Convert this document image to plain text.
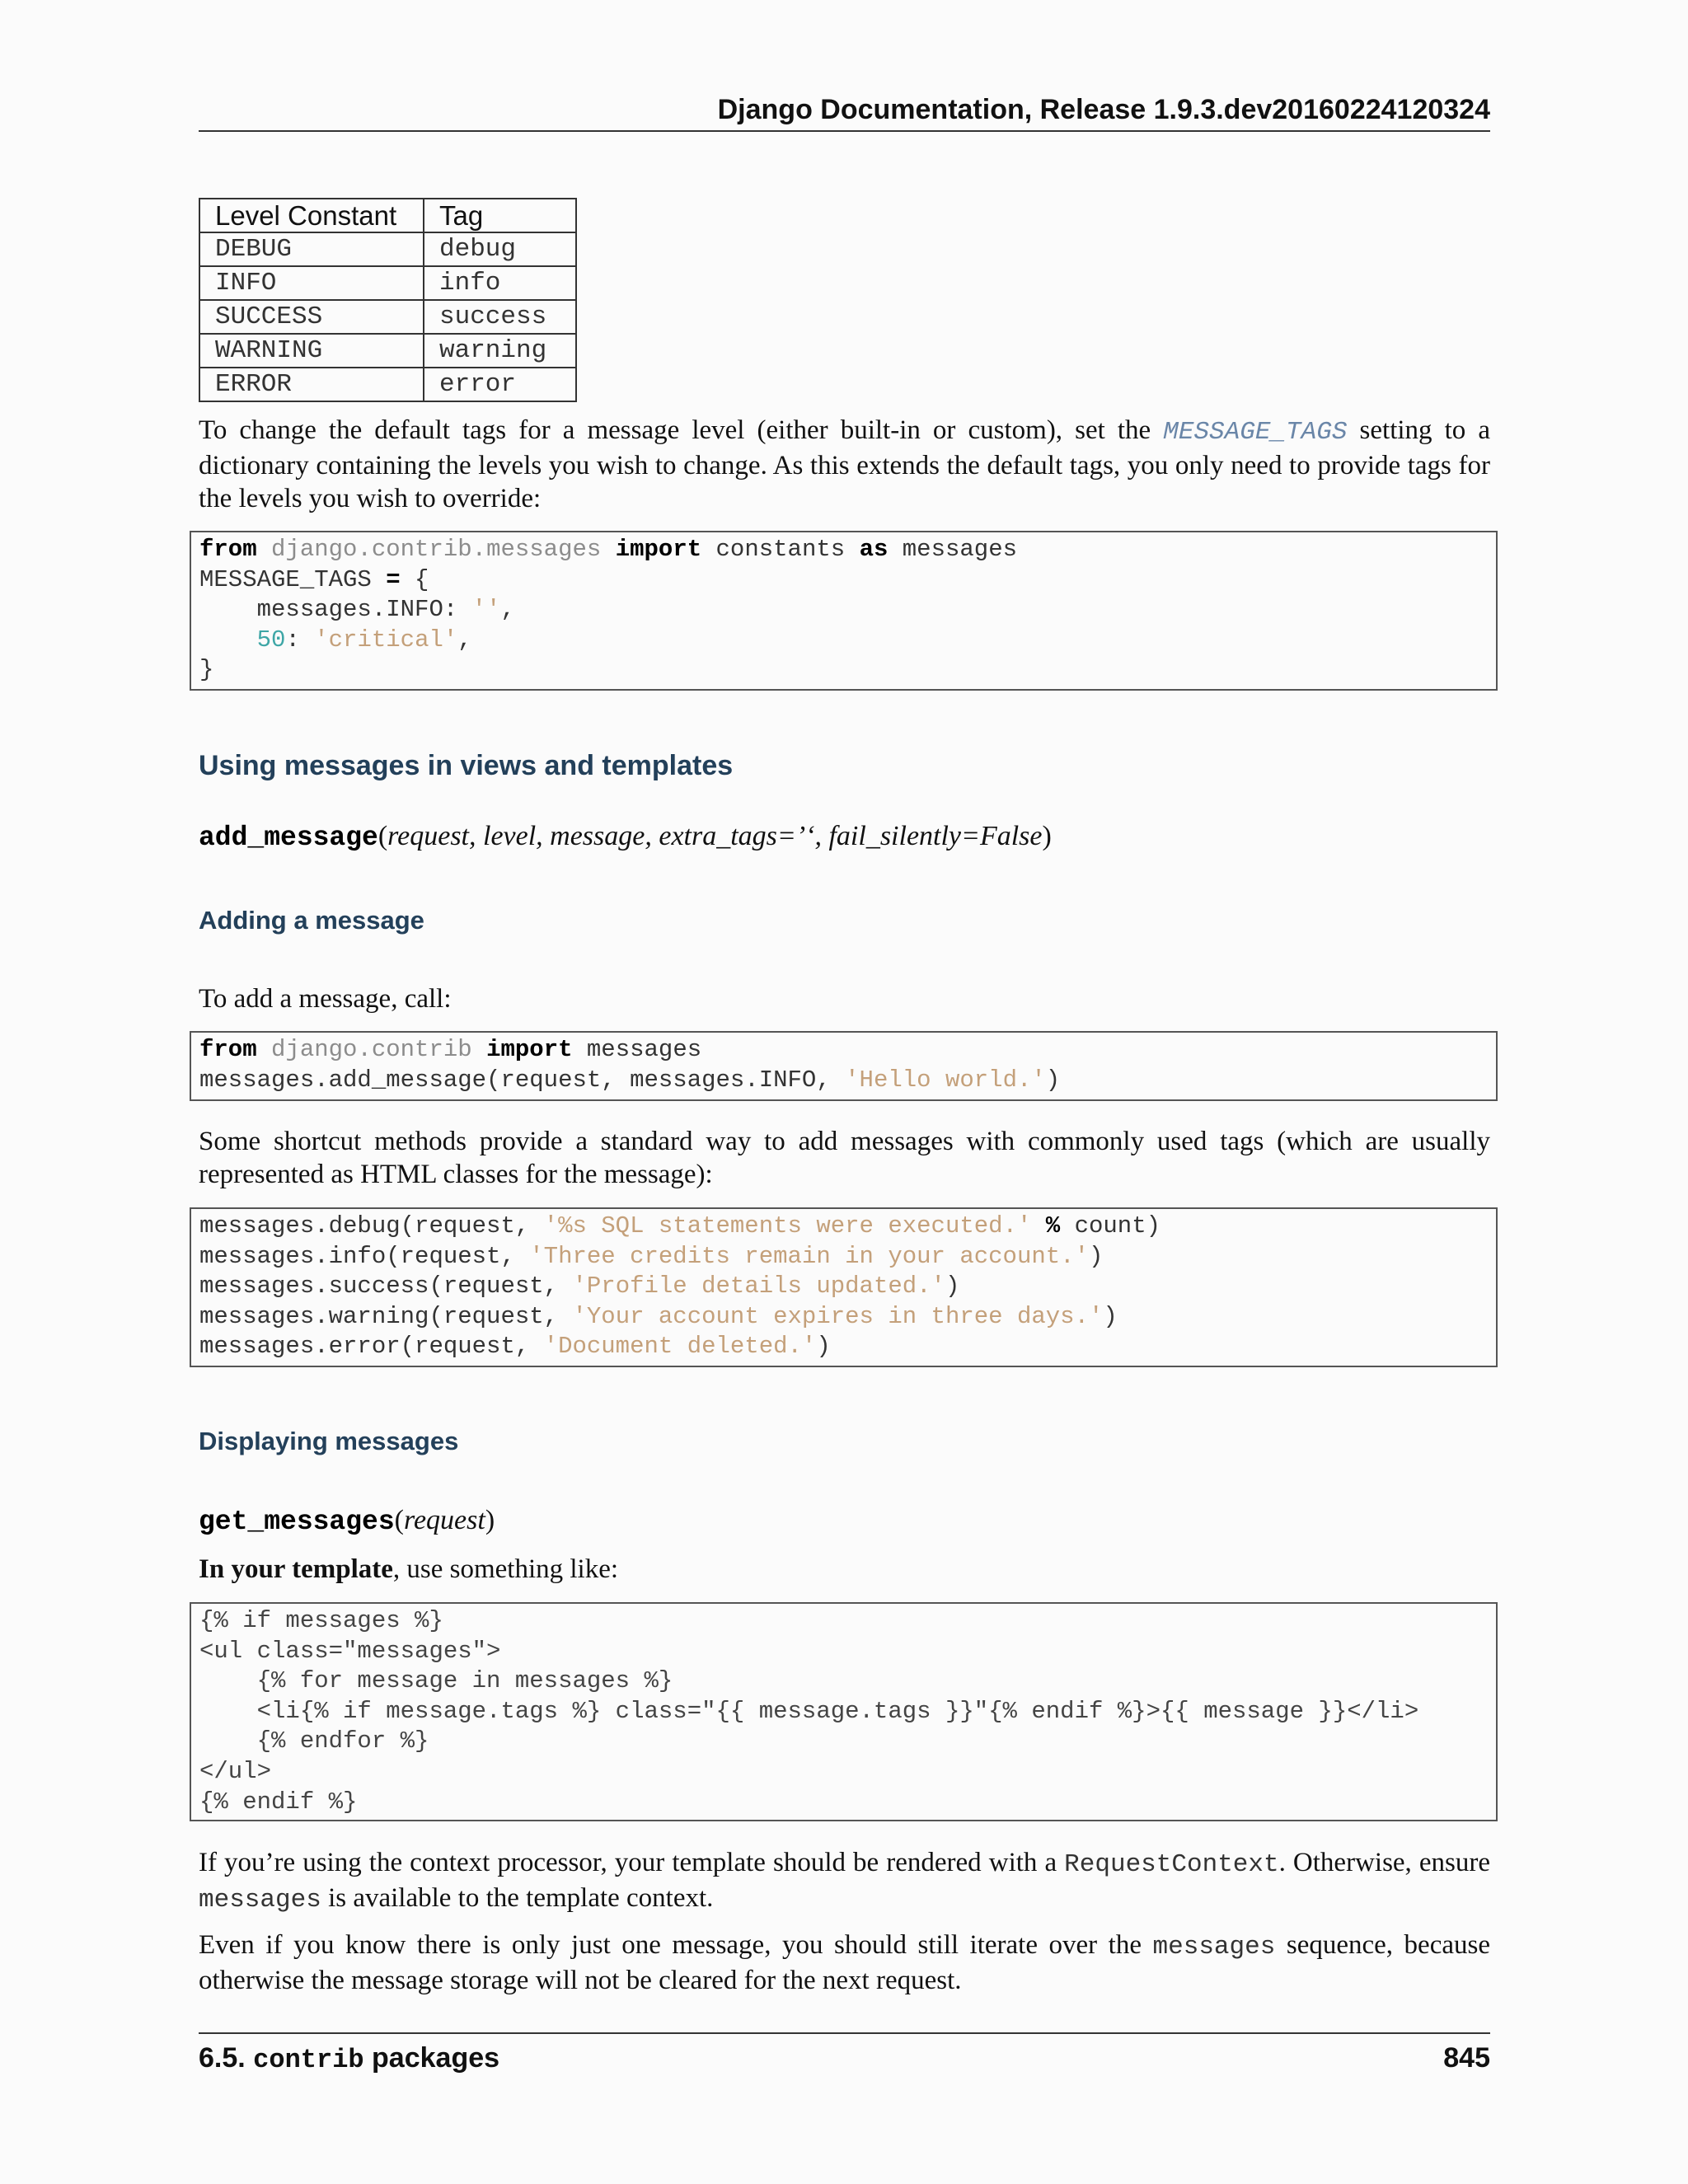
Django Documentation, Release 1.9.3.dev20160224120324
Level Constant	Tag
DEBUG	debug
INFO	info
SUCCESS	success
WARNING	warning
ERROR	error
To change the default tags for a message level (either built-in or custom), set the MESSAGE_TAGS setting to a dictionary containing the levels you wish to change. As this extends the default tags, you only need to provide tags for the levels you wish to override:
from django.contrib.messages import constants as messages
MESSAGE_TAGS = {
messages.INFO: '',
50: 'critical',
}
Using messages in views and templates
add_message(request, level, message, extra_tags=’‘, fail_silently=False)
Adding a message
To add a message, call:
from django.contrib import messages
messages.add_message(request, messages.INFO, 'Hello world.')
Some shortcut methods provide a standard way to add messages with commonly used tags (which are usually represented as HTML classes for the message):
messages.debug(request, '%s SQL statements were executed.' % count)
messages.info(request, 'Three credits remain in your account.')
messages.success(request, 'Profile details updated.')
messages.warning(request, 'Your account expires in three days.')
messages.error(request, 'Document deleted.')
Displaying messages
get_messages(request)
In your template, use something like:
{% if messages %}
<ul class="messages">
{% for message in messages %}
<li{% if message.tags %} class="{{ message.tags }}"{% endif %}>{{ message }}</li>
{% endfor %}
</ul>
{% endif %}
If you’re using the context processor, your template should be rendered with a RequestContext. Otherwise, ensure messages is available to the template context.
Even if you know there is only just one message, you should still iterate over the messages sequence, because otherwise the message storage will not be cleared for the next request.
6.5. contrib packages	845
